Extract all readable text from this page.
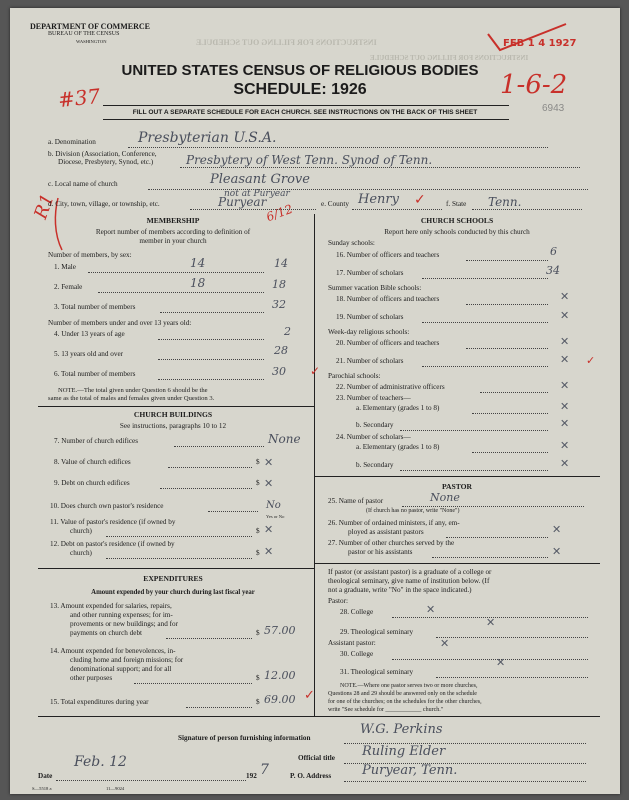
DEPARTMENT OF COMMERCE
BUREAU OF THE CENSUS
WASHINGTON	INSTRUCTIONS FOR FILLING OUT SCHEDULE
INSTRUCTIONS FOR FILLING OUT SCHEDULE
UNITED STATES CENSUS OF RELIGIOUS BODIES
SCHEDULE: 1926
FILL OUT A SEPARATE SCHEDULE FOR EACH CHURCH. SEE INSTRUCTIONS ON THE BACK OF THIS SHEET
FEB 1 4 1927
1-6-2
#37	6943
R1	6/12
a. Denomination	Presbyterian U.S.A.
b. Division (Association, Conference,
Diocese, Presbytery, Synod, etc.)	Presbytery of West Tenn. Synod of Tenn.
c. Local name of church	Pleasant Grove
not at Puryear
d. City, town, village, or township, etc.	Puryear	e. County Henry ✓	f. State Tenn.
MEMBERSHIP
Report number of members according to definition of
member in your church
Number of members, by sex:
1. Male	14	14
2. Female	18	18
3. Total number of members	32
Number of members under and over 13 years old:
4. Under 13 years of age	2
5. 13 years old and over	28
6. Total number of members	30 ✓
NOTE.—The total given under Question 6 should be the
same as the total of males and females given under Question 3.
CHURCH BUILDINGS
See instructions, paragraphs 10 to 12
7. Number of church edifices	None
8. Value of church edifices	$ ✕
9. Debt on church edifices	$ ✕
10. Does church own pastor's residence	No
Yes or No
11. Value of pastor's residence (if owned by
church)	$ ✕
12. Debt on pastor's residence (if owned by
church)	$ ✕
EXPENDITURES
Amount expended by your church during last fiscal year
13. Amount expended for salaries, repairs,
and other running expenses; for im-
provements or new buildings; and for
payments on church debt	$ 57.00
14. Amount expended for benevolences, in-
cluding home and foreign missions; for
denominational support; and for all
other purposes	$ 12.00
15. Total expenditures during year	$ 69.00 ✓
CHURCH SCHOOLS
Report here only schools conducted by this church
Sunday schools:
16. Number of officers and teachers	6
17. Number of scholars	34
Summer vacation Bible schools:
18. Number of officers and teachers	✕
19. Number of scholars	✕
Week-day religious schools:
20. Number of officers and teachers	✕
21. Number of scholars	✕ ✓
Parochial schools:
22. Number of administrative officers	✕
23. Number of teachers—
a. Elementary (grades 1 to 8)	✕
b. Secondary	✕
24. Number of scholars—
a. Elementary (grades 1 to 8)	✕
b. Secondary	✕
PASTOR
25. Name of pastor	None
(If church has no pastor, write "None")
26. Number of ordained ministers, if any, em-
ployed as assistant pastors	✕
27. Number of other churches served by the
pastor or his assistants	✕
If pastor (or assistant pastor) is a graduate of a college or
theological seminary, give name of institution below. (If
not a graduate, write "No" in the space indicated.)
Pastor:
28. College	✕
29. Theological seminary
✕
Assistant pastor:
30. College
✕
31. Theological seminary
✕
NOTE.—Where one pastor serves two or more churches,
Questions 28 and 29 should be answered only on the schedule
for one of the churches; on the schedules for the other churches,
write "See schedule for ____________ church."
Signature of person furnishing information
W.G. Perkins
Official title Ruling Elder
Date
Feb. 12
192 7	P. O. Address Puryear, Tenn.
S—5518 a	11—9024
